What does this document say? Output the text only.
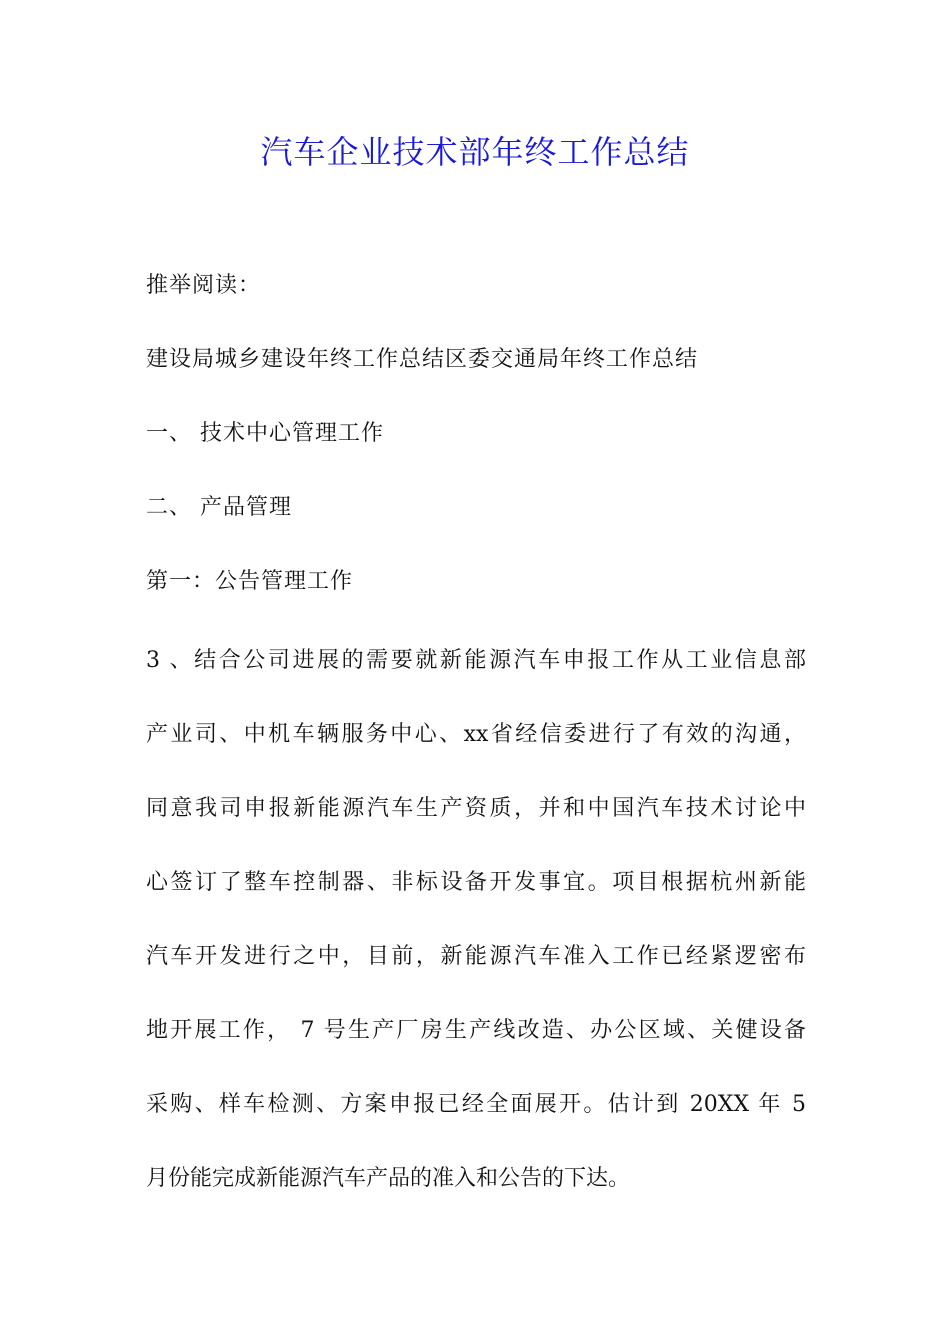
汽车企业技术部年终工作总结
推举阅读：
建设局城乡建设年终工作总结区委交通局年终工作总结
一、 技术中心管理工作
二、 产品管理
第一：公告管理工作
3 、结合公司进展的需要就新能源汽车申报工作从工业信息部
产业司、中机车辆服务中心、xx省经信委进行了有效的沟通，
同意我司申报新能源汽车生产资质，并和中国汽车技术讨论中
心签订了整车控制器、非标设备开发事宜。项目根据杭州新能
汽车开发进行之中，目前，新能源汽车准入工作已经紧逻密布
地开展工作， 7 号生产厂房生产线改造、办公区域、关健设备
采购、样车检测、方案申报已经全面展开。估计到 20XX 年 5
月份能完成新能源汽车产品的准入和公告的下达。
